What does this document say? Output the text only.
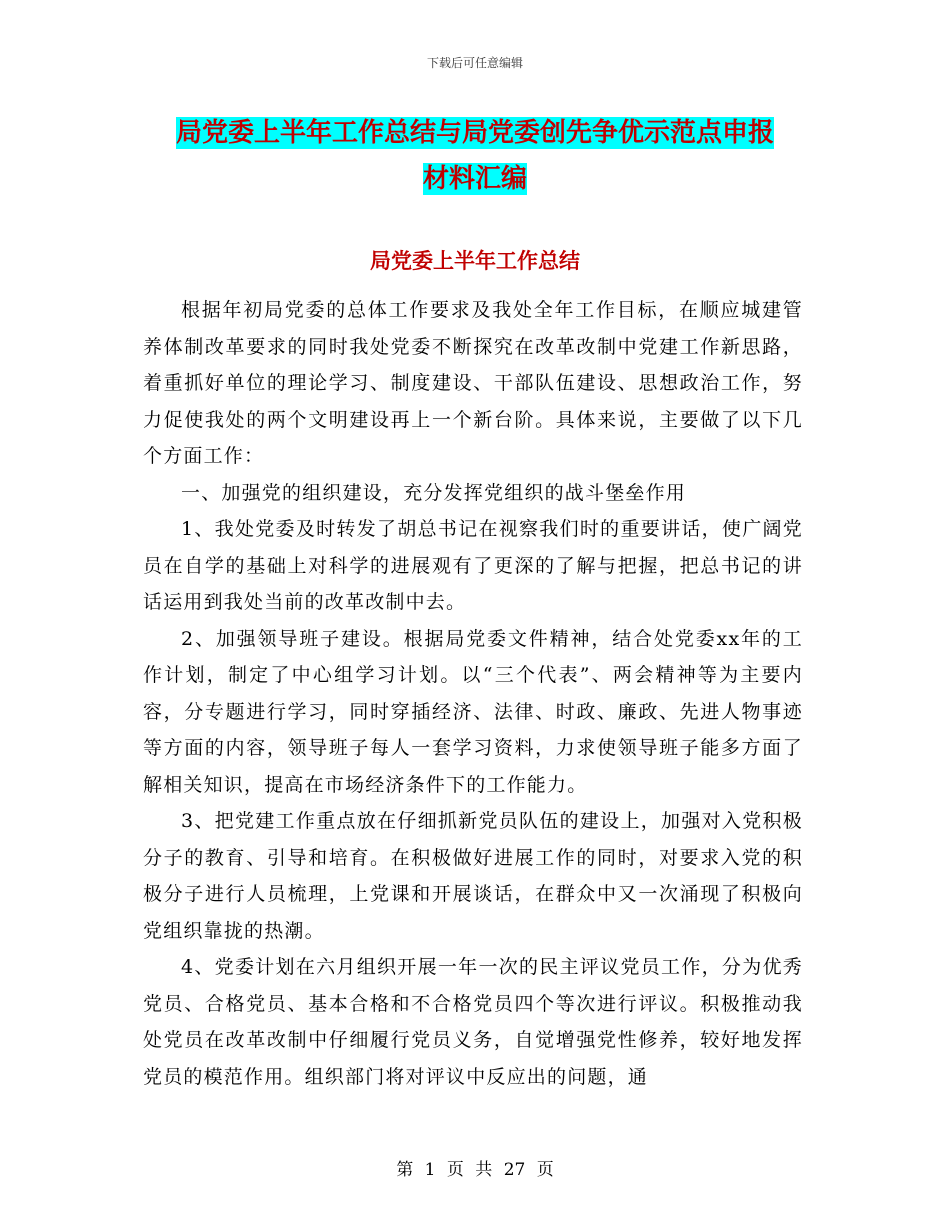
下载后可任意编辑
局党委上半年工作总结与局党委创先争优示范点申报
材料汇编
局党委上半年工作总结

根据年初局党委的总体工作要求及我处全年工作目标，在顺应城建管养体制改革要求的同时我处党委不断探究在改革改制中党建工作新思路，着重抓好单位的理论学习、制度建设、干部队伍建设、思想政治工作，努力促使我处的两个文明建设再上一个新台阶。具体来说，主要做了以下几个方面工作：

一、加强党的组织建设，充分发挥党组织的战斗堡垒作用

1、我处党委及时转发了胡总书记在视察我们时的重要讲话，使广阔党员在自学的基础上对科学的进展观有了更深的了解与把握，把总书记的讲话运用到我处当前的改革改制中去。

2、加强领导班子建设。根据局党委文件精神，结合处党委xx年的工作计划，制定了中心组学习计划。以“三个代表”、两会精神等为主要内容，分专题进行学习，同时穿插经济、法律、时政、廉政、先进人物事迹等方面的内容，领导班子每人一套学习资料，力求使领导班子能多方面了解相关知识，提高在市场经济条件下的工作能力。

3、把党建工作重点放在仔细抓新党员队伍的建设上，加强对入党积极分子的教育、引导和培育。在积极做好进展工作的同时，对要求入党的积极分子进行人员梳理，上党课和开展谈话，在群众中又一次涌现了积极向党组织靠拢的热潮。

4、党委计划在六月组织开展一年一次的民主评议党员工作，分为优秀党员、合格党员、基本合格和不合格党员四个等次进行评议。积极推动我处党员在改革改制中仔细履行党员义务，自觉增强党性修养，较好地发挥党员的模范作用。组织部门将对评议中反应出的问题，通

第 1 页 共 27 页
